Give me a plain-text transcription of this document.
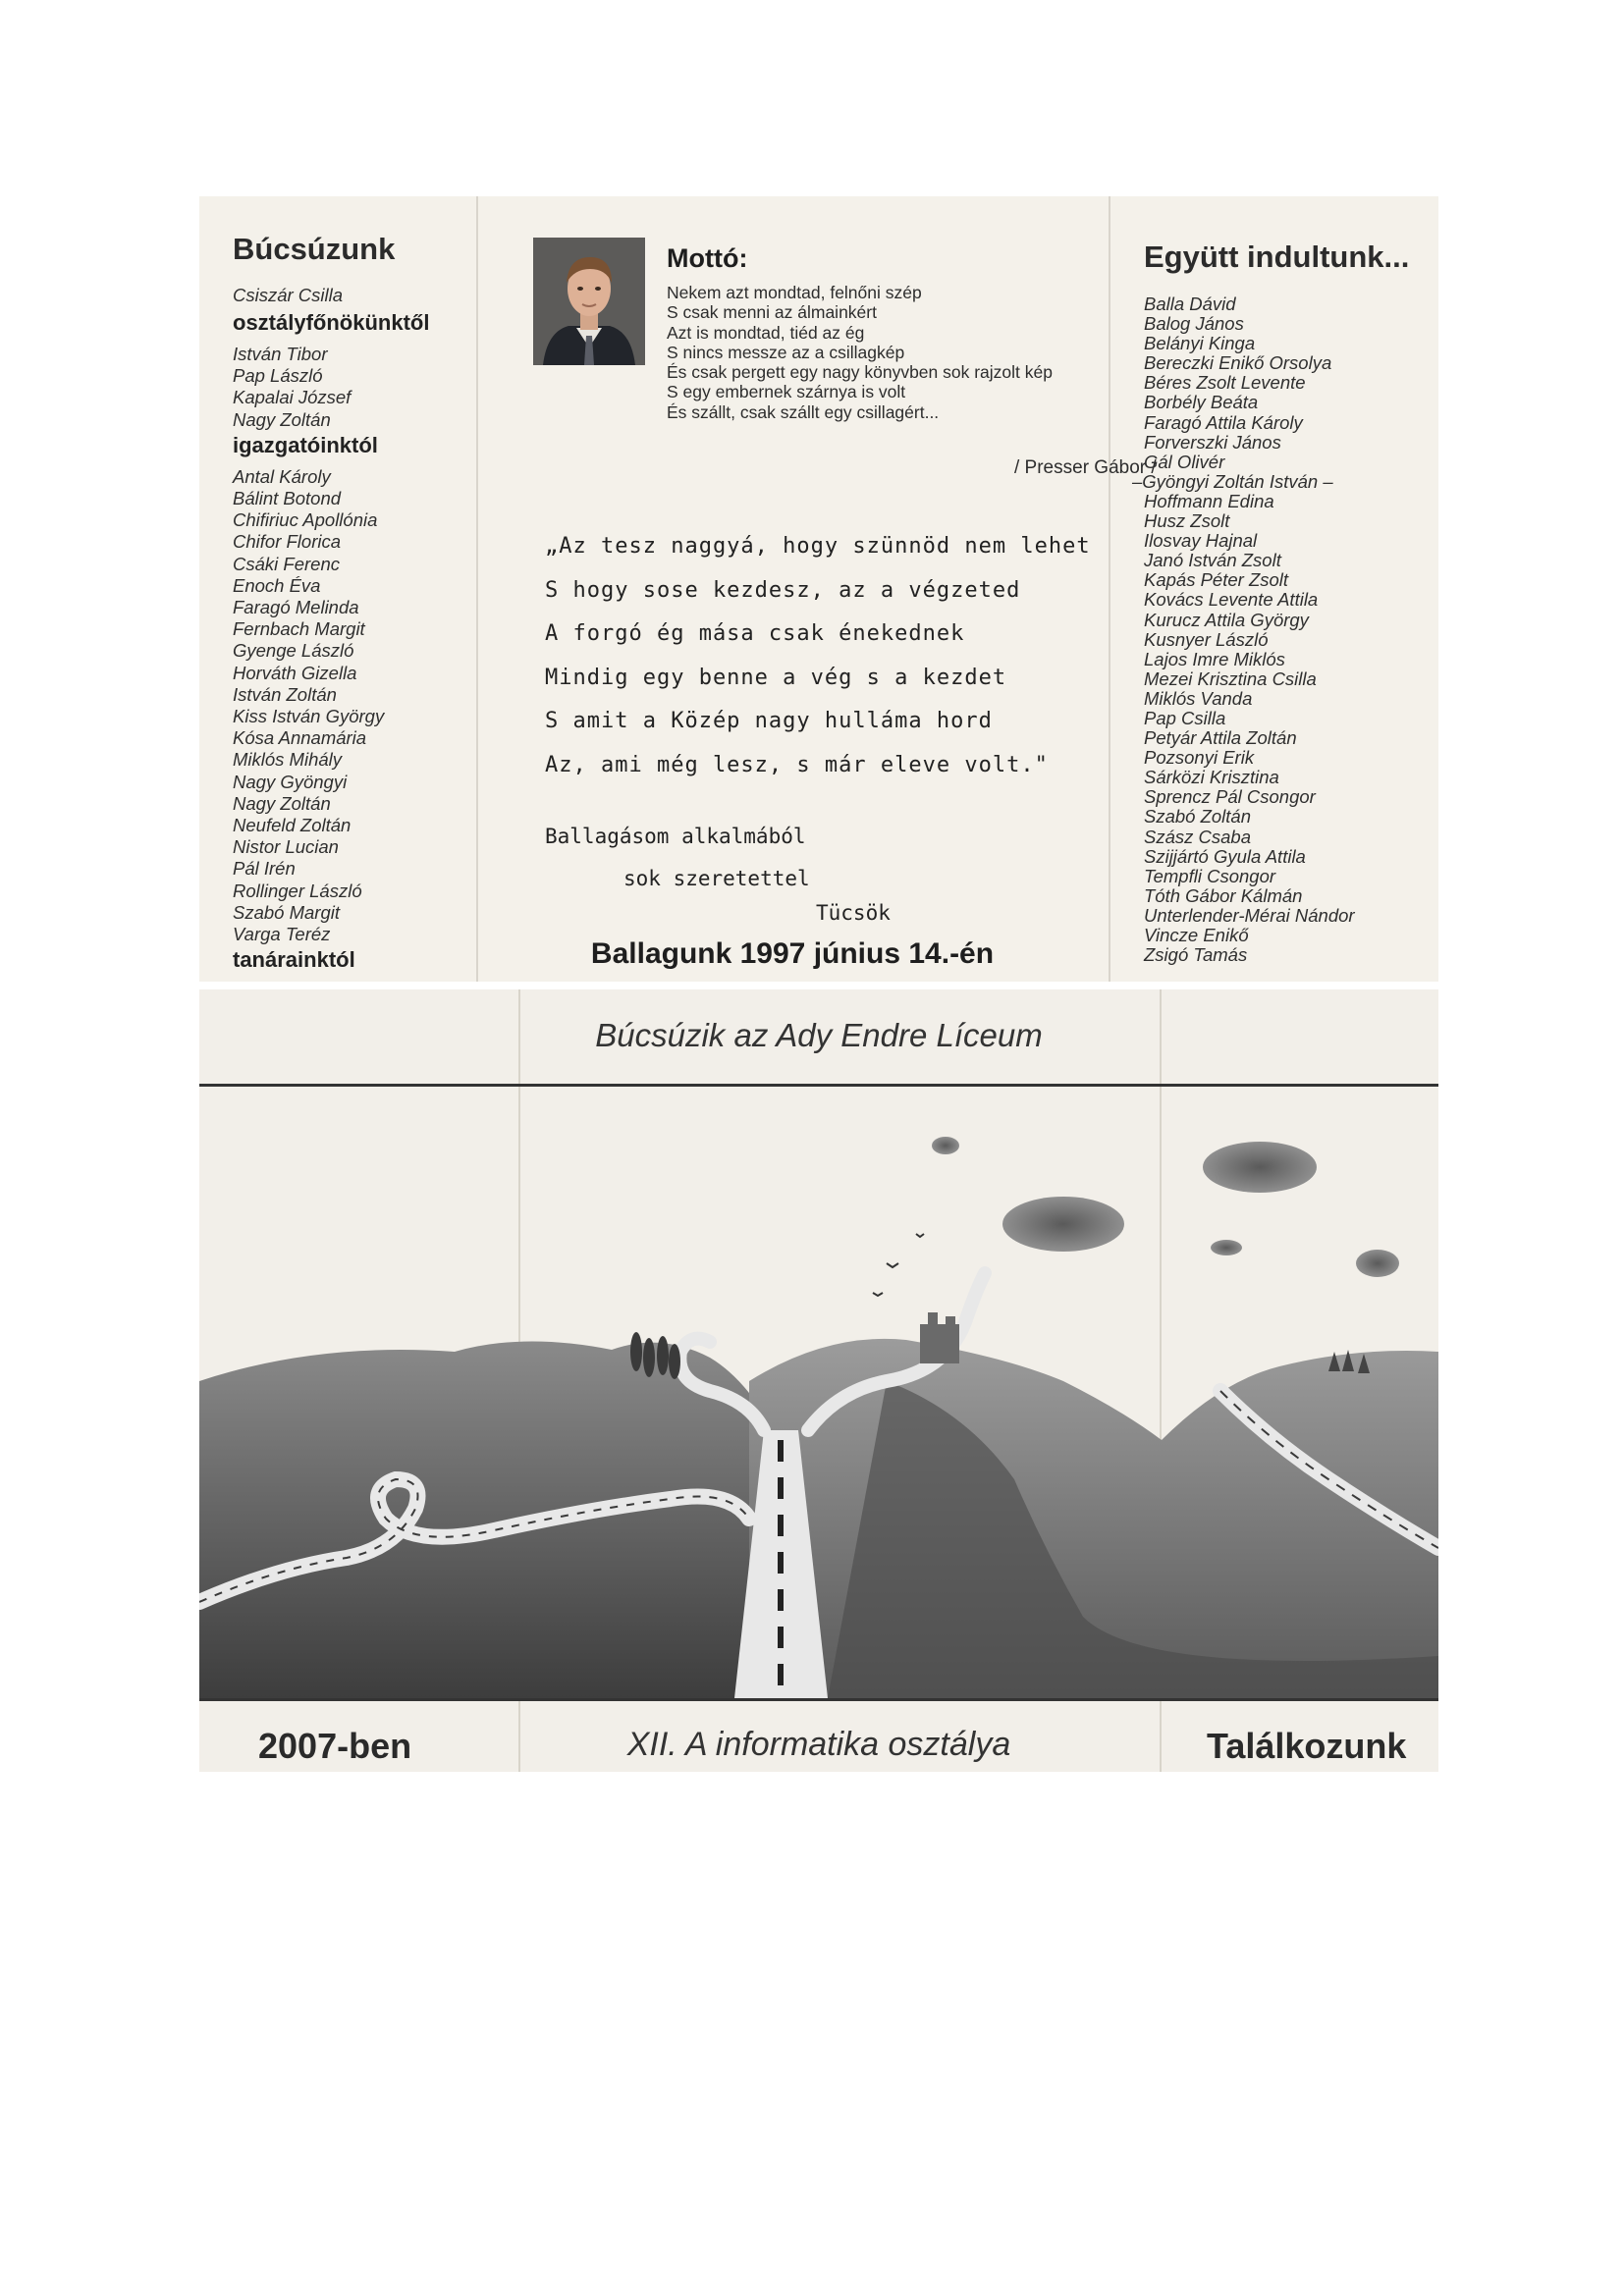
Búcsúzunk
Csiszár Csilla
osztályfőnökünktől
István Tibor
Pap László
Kapalai József
Nagy Zoltán
igazgatóinktól
Antal Károly
Bálint Botond
Chifiriuc Apollónia
Chifor Florica
Csáki Ferenc
Enoch Éva
Faragó Melinda
Fernbach Margit
Gyenge László
Horváth Gizella
István Zoltán
Kiss István György
Kósa Annamária
Miklós Mihály
Nagy Gyöngyi
Nagy Zoltán
Neufeld Zoltán
Nistor Lucian
Pál Irén
Rollinger László
Szabó Margit
Varga Teréz
tanárainktól
Mottó:
Nekem azt mondtad, felnőni szép
S csak menni az álmainkért
Azt is mondtad, tiéd az ég
S nincs messze az a csillagkép
És csak pergett egy nagy könyvben sok rajzolt kép
S egy embernek szárnya is volt
És szállt, csak szállt egy csillagért...
/ Presser Gábor /
„Az tesz naggyá, hogy szünnöd nem lehet
S hogy sose kezdesz, az a végzeted
A forgó ég mása csak énekednek
Mindig egy benne a vég s a kezdet
S amit a Közép nagy hulláma hord
Az, ami még lesz, s már eleve volt."
Ballagásom alkalmából
sok szeretettel
Tücsök
Ballagunk 1997 június 14.-én
Együtt indultunk...
Balla Dávid
Balog János
Belányi Kinga
Bereczki Enikő Orsolya
Béres Zsolt Levente
Borbély Beáta
Faragó Attila Károly
Forverszki János
Gál Olivér
–Gyöngyi Zoltán István –
Hoffmann Edina
Husz Zsolt
Ilosvay Hajnal
Janó István Zsolt
Kapás Péter Zsolt
Kovács Levente Attila
Kurucz Attila György
Kusnyer László
Lajos Imre Miklós
Mezei Krisztina Csilla
Miklós Vanda
Pap Csilla
Petyár Attila Zoltán
Pozsonyi Erik
Sárközi Krisztina
Sprencz Pál Csongor
Szabó Zoltán
Szász Csaba
Szijjártó Gyula Attila
Tempfli Csongor
Tóth Gábor Kálmán
Unterlender-Mérai Nándor
Vincze Enikő
Zsigó Tamás
Búcsúzik az Ady Endre Líceum
2007-ben	XII. A informatika osztálya	Találkozunk
